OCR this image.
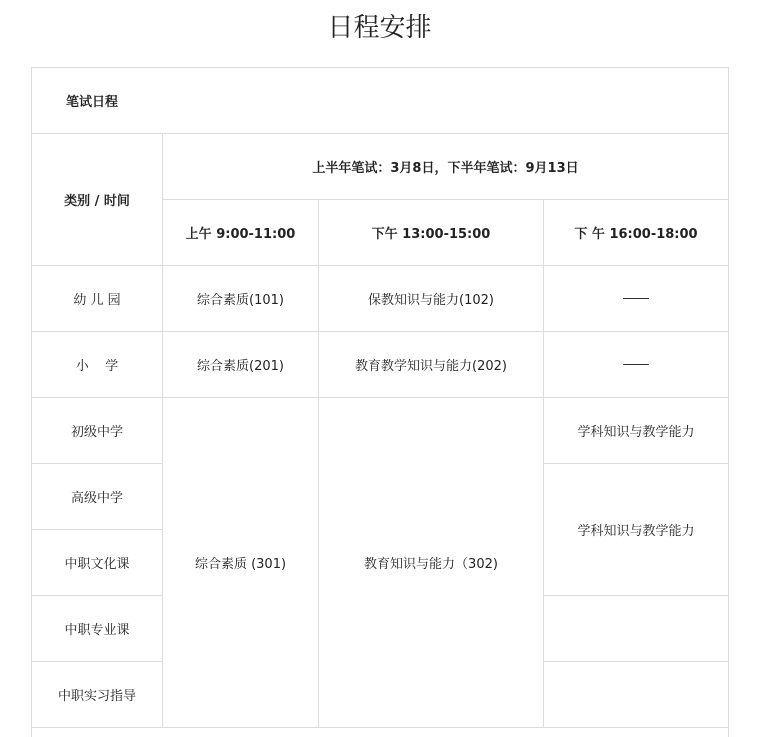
日程安排
笔试日程			
类别 / 时间	上半年笔试：3月8日，下半年笔试：9月13日		
	上午 9:00-11:00	下午 13:00-15:00	下 午 16:00-18:00
幼 儿 园	综合素质(101)	保教知识与能力(102)	
小    学	综合素质(201)	教育教学知识与能力(202)	
初级中学	综合素质 (301)	教育知识与能力（302)	学科知识与教学能力
高级中学			学科知识与教学能力
中职文化课			
中职专业课			
中职实习指导			
